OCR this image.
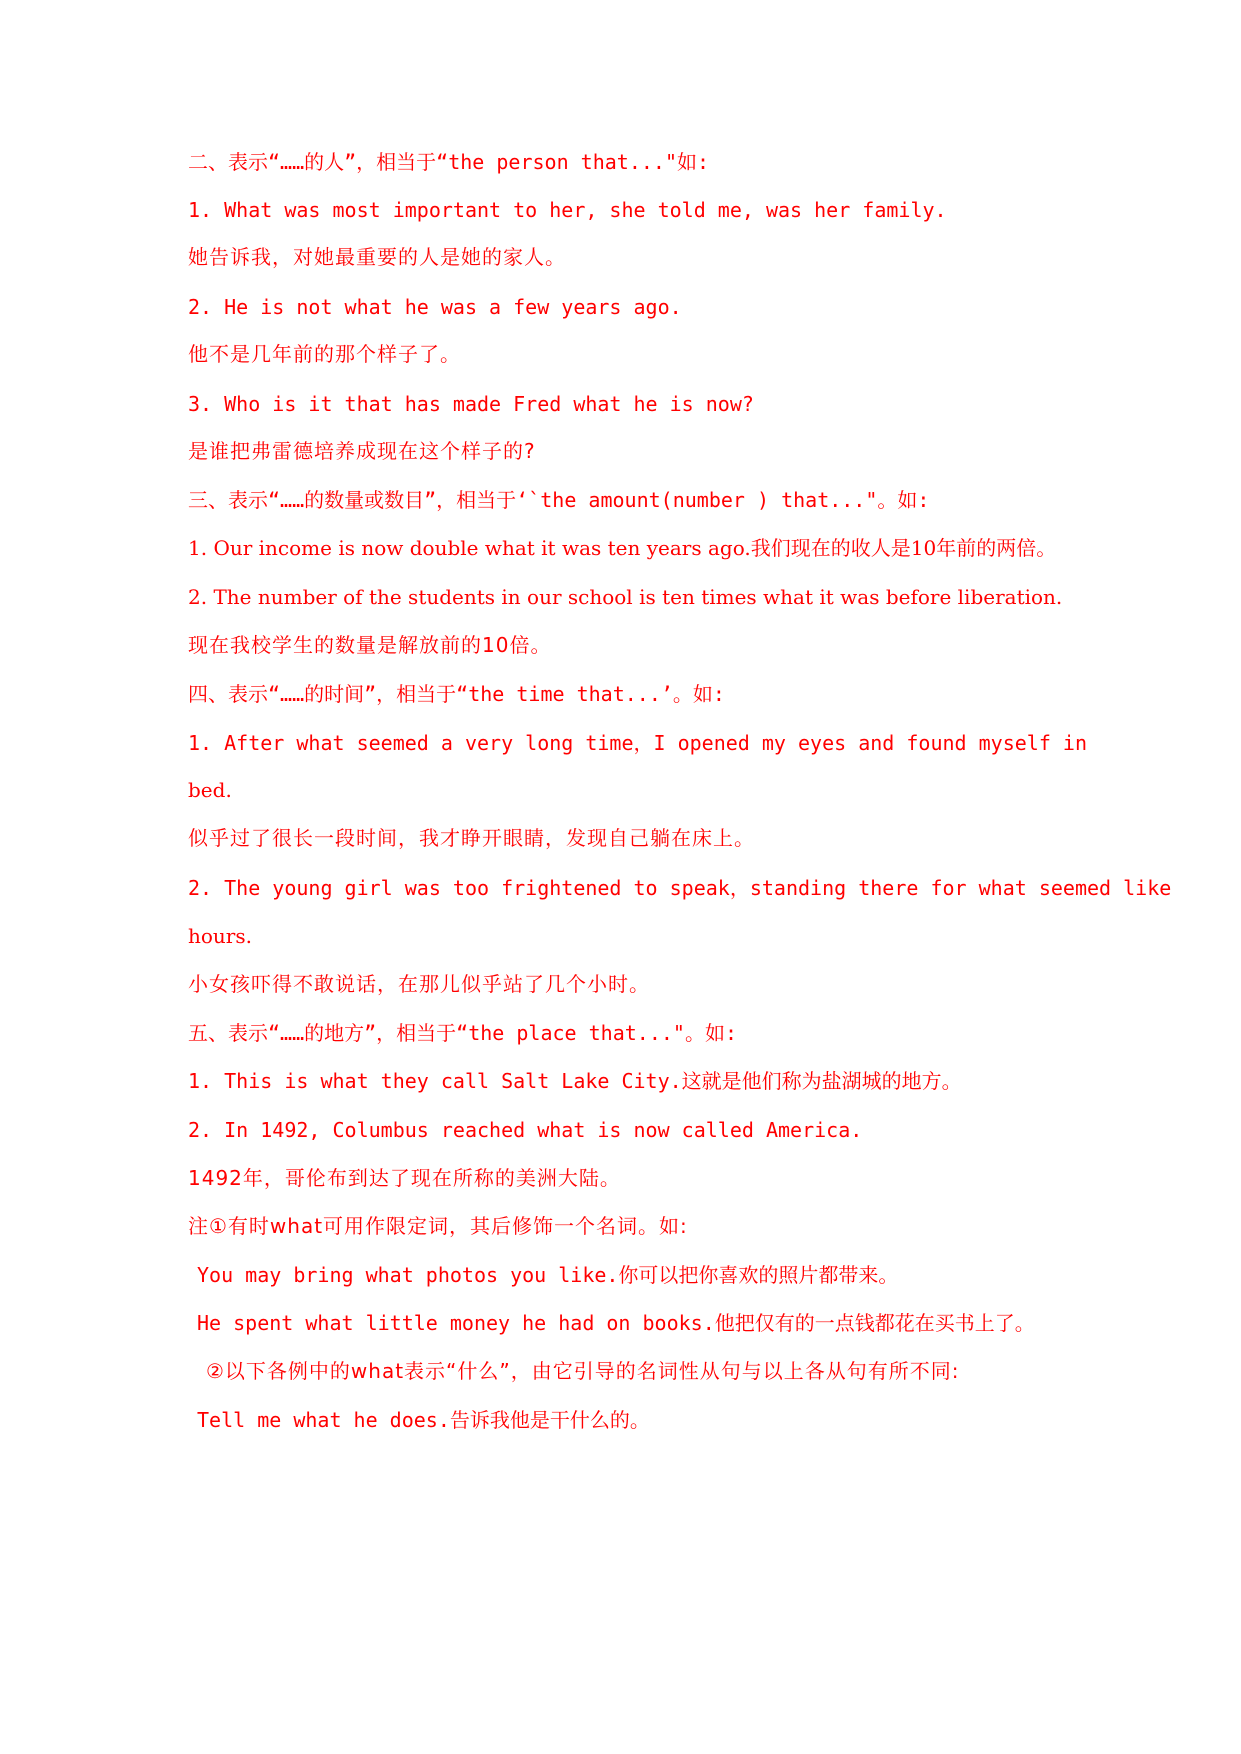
二、表示“……的人”，相当于“the person that..."如:
1. What was most important to her, she told me, was her family.
她告诉我，对她最重要的人是她的家人。
2. He is not what he was a few years ago.
他不是几年前的那个样子了。
3. Who is it that has made Fred what he is now?
是谁把弗雷德培养成现在这个样子的?
三、表示“……的数量或数目”，相当于‘`the amount(number ) that..."。如:
1. Our income is now double what it was ten years ago.我们现在的收人是10年前的两倍。
2. The number of the students in our school is ten times what it was before liberation.
现在我校学生的数量是解放前的10倍。
四、表示“……的时间”，相当于“the time that...’。如:
1. After what seemed a very long time，I opened my eyes and found myself in
bed.
似乎过了很长一段时间，我才睁开眼睛，发现自己躺在床上。
2. The young girl was too frightened to speak，standing there for what seemed like
hours.
小女孩吓得不敢说话，在那儿似乎站了几个小时。
五、表示“……的地方”，相当于“the place that..."。如:
1. This is what they call Salt Lake City.这就是他们称为盐湖城的地方。
2. In 1492, Columbus reached what is now called America.
1492年，哥伦布到达了现在所称的美洲大陆。
注①有时what可用作限定词，其后修饰一个名词。如:
You may bring what photos you like.你可以把你喜欢的照片都带来。
He spent what little money he had on books.他把仅有的一点钱都花在买书上了。
②以下各例中的what表示“什么”，由它引导的名词性从句与以上各从句有所不同:
Tell me what he does.告诉我他是干什么的。
